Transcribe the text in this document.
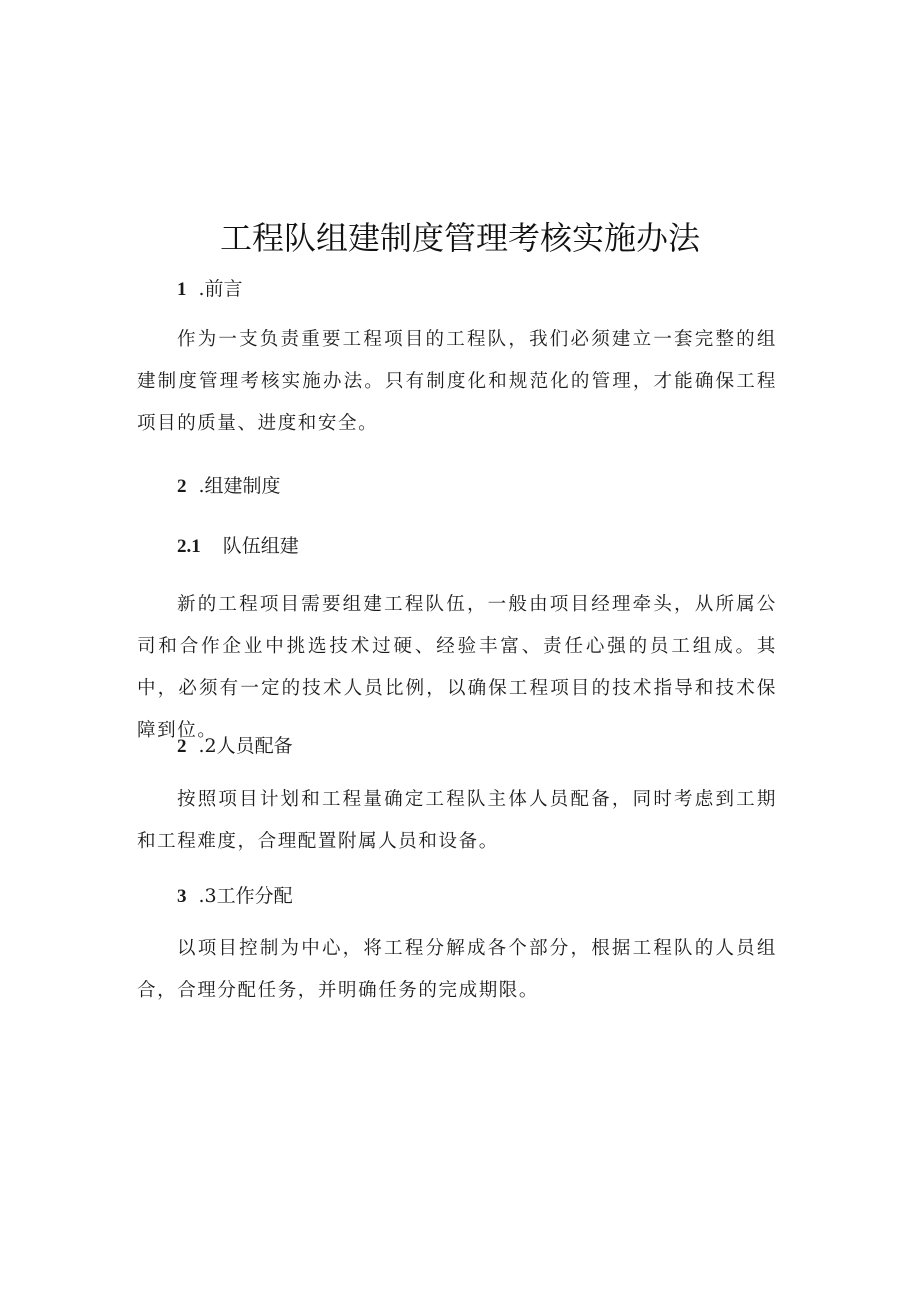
工程队组建制度管理考核实施办法
1 .前言
作为一支负责重要工程项目的工程队，我们必须建立一套完整的组建制度管理考核实施办法。只有制度化和规范化的管理，才能确保工程项目的质量、进度和安全。
2 .组建制度
2.1 队伍组建
新的工程项目需要组建工程队伍，一般由项目经理牵头，从所属公司和合作企业中挑选技术过硬、经验丰富、责任心强的员工组成。其中，必须有一定的技术人员比例，以确保工程项目的技术指导和技术保障到位。
2 .2人员配备
按照项目计划和工程量确定工程队主体人员配备，同时考虑到工期和工程难度，合理配置附属人员和设备。
3 .3工作分配
以项目控制为中心，将工程分解成各个部分，根据工程队的人员组合，合理分配任务，并明确任务的完成期限。
